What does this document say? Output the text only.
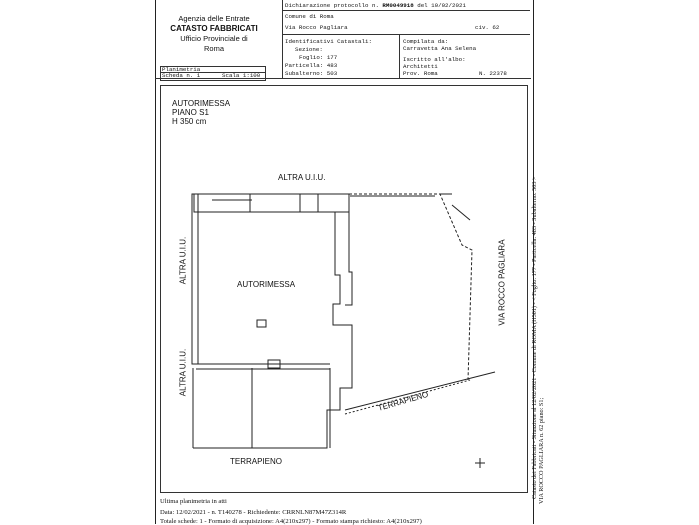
Agenzia delle Entrate
CATASTO FABBRICATI
Ufficio Provinciale di
Roma
Dichiarazione protocollo n. RM0049918 del 10/02/2021
Comune di Roma
Via Rocco Pagliara	civ. 62
Identificativi Catastali:
Sezione:
Foglio: 177
Particella: 483
Subalterno: 503
Compilata da:
Carravetta Ana Selena
Iscritto all'albo:
Architetti
Prov. Roma	N. 22378
Planimetria
Scheda n. 1	Scala 1:100
AUTORIMESSA
PIANO S1
H 350 cm
ALTRA U.I.U.
ALTRA U.I.U.
ALTRA U.I.U.
AUTORIMESSA	VIA ROCCO PAGLIARA
TERRAPIENO
TERRAPIENO	Catasto dei Fabbricati - Situazione al 12/02/2021 - Comune di ROMA (H501) - < Foglio: 177 - Particella: 483 - Subalterno: 503 > VIA ROCCO PAGLIARA n. 62 piano: S1;
Ultima planimetria in atti
Data: 12/02/2021 - n. T140278 - Richiedente: CRRNLN87M47Z314R
Totale schede: 1 - Formato di acquisizione: A4(210x297) - Formato stampa richiesto: A4(210x297)
